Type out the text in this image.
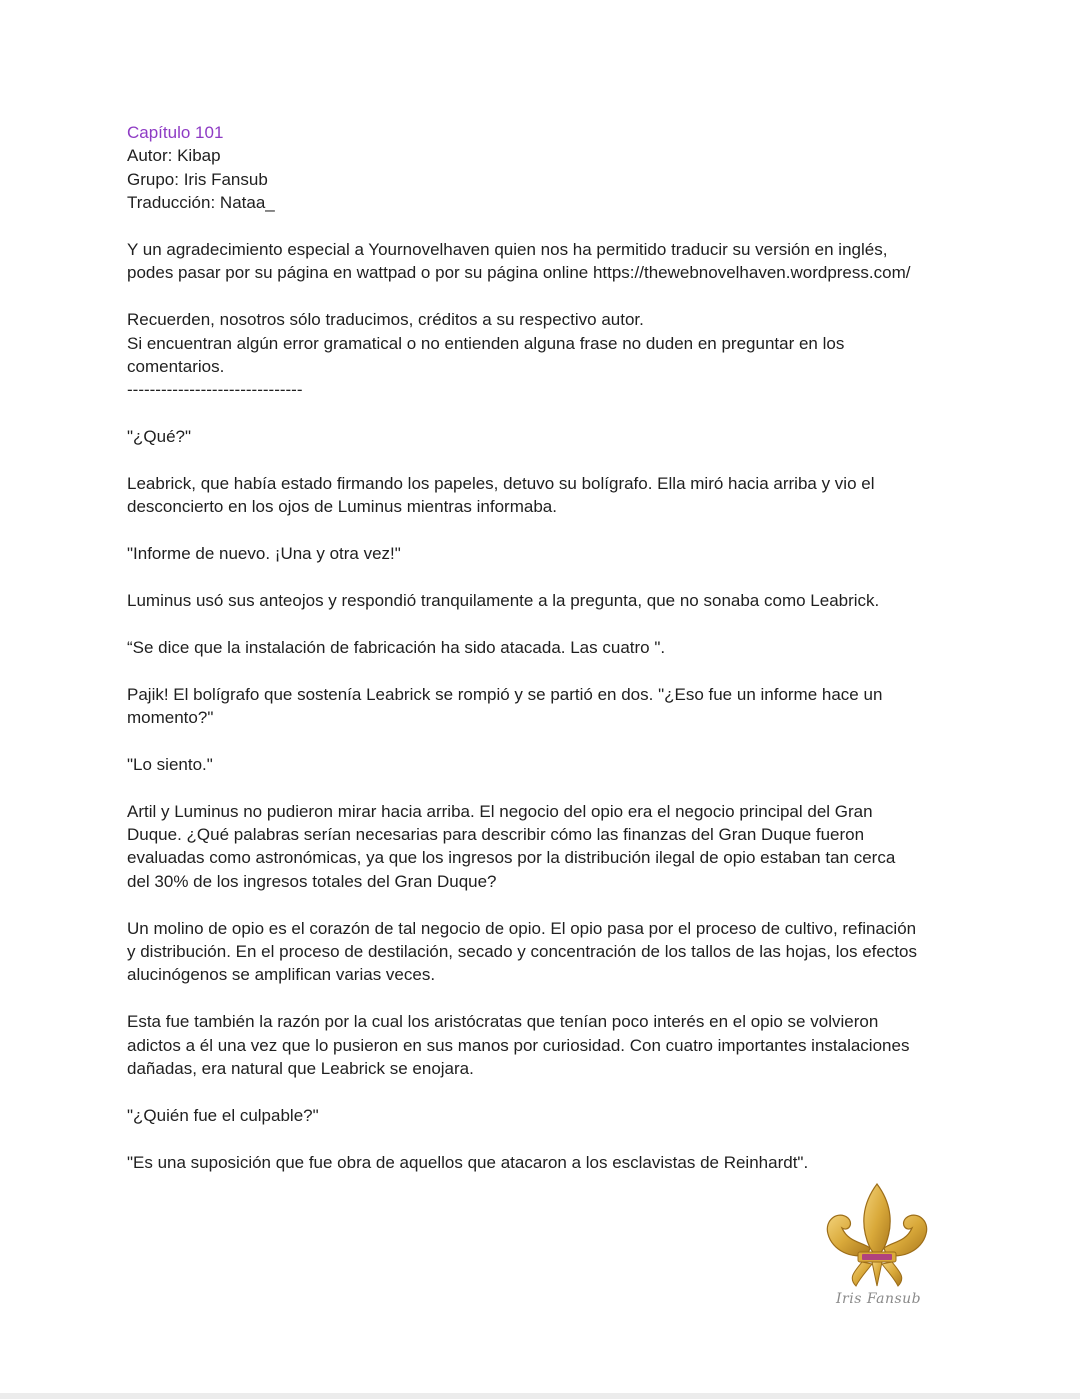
Capítulo 101
Autor: Kibap
Grupo: Iris Fansub
Traducción: Nataa_
Y un agradecimiento especial a Yournovelhaven quien nos ha permitido traducir su versión en inglés,
podes pasar por su página en wattpad o por su página online https://thewebnovelhaven.wordpress.com/
Recuerden, nosotros sólo traducimos, créditos a su respectivo autor.
Si encuentran algún error gramatical o no entienden alguna frase no duden en preguntar en los
comentarios.
-------------------------------
"¿Qué?"
Leabrick, que había estado firmando los papeles, detuvo su bolígrafo. Ella miró hacia arriba y vio el
desconcierto en los ojos de Luminus mientras informaba.
"Informe de nuevo. ¡Una y otra vez!"
Luminus usó sus anteojos y respondió tranquilamente a la pregunta, que no sonaba como Leabrick.
“Se dice que la instalación de fabricación ha sido atacada. Las cuatro ".
Pajik! El bolígrafo que sostenía Leabrick se rompió y se partió en dos. "¿Eso fue un informe hace un
momento?"
"Lo siento."
Artil y Luminus no pudieron mirar hacia arriba. El negocio del opio era el negocio principal del Gran
Duque. ¿Qué palabras serían necesarias para describir cómo las finanzas del Gran Duque fueron
evaluadas como astronómicas, ya que los ingresos por la distribución ilegal de opio estaban tan cerca
del 30% de los ingresos totales del Gran Duque?
Un molino de opio es el corazón de tal negocio de opio. El opio pasa por el proceso de cultivo, refinación
y distribución. En el proceso de destilación, secado y concentración de los tallos de las hojas, los efectos
alucinógenos se amplifican varias veces.
Esta fue también la razón por la cual los aristócratas que tenían poco interés en el opio se volvieron
adictos a él una vez que lo pusieron en sus manos por curiosidad. Con cuatro importantes instalaciones
dañadas, era natural que Leabrick se enojara.
"¿Quién fue el culpable?"
"Es una suposición que fue obra de aquellos que atacaron a los esclavistas de Reinhardt".
Iris Fansub
